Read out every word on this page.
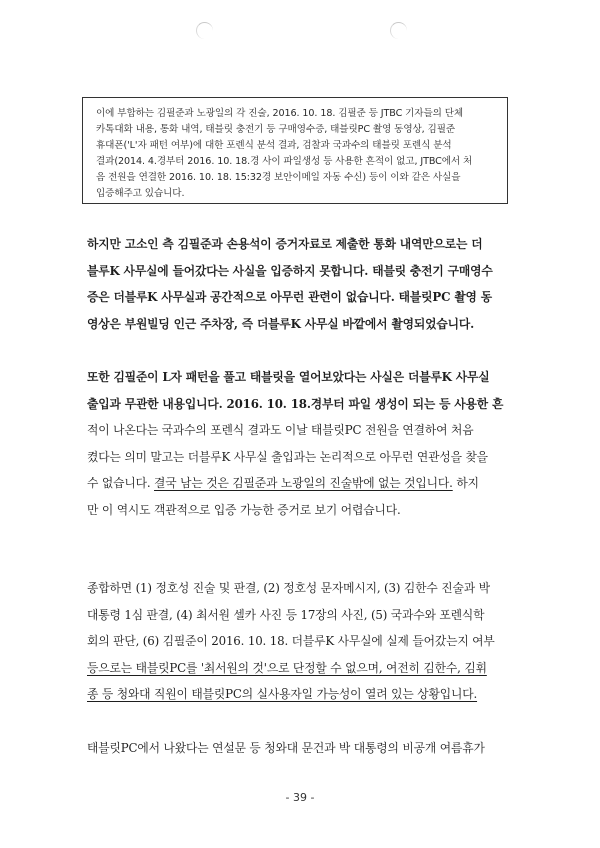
이에 부합하는 김필준과 노광일의 각 진술, 2016. 10. 18. 김필준 등 JTBC 기자들의 단체

카톡대화 내용, 통화 내역, 태블릿 충전기 등 구매영수증, 태블릿PC 촬영 동영상, 김필준

휴대폰('L'자 패턴 여부)에 대한 포렌식 분석 결과, 검찰과 국과수의 태블릿 포렌식 분석

결과(2014. 4.경부터 2016. 10. 18.경 사이 파일생성 등 사용한 흔적이 없고, JTBC에서 처

음 전원을 연결한 2016. 10. 18. 15:32경 보안이메일 자동 수신) 등이 이와 같은 사실을

입증해주고 있습니다.

하지만 고소인 측 김필준과 손용석이 증거자료로 제출한 통화 내역만으로는 더
블루K 사무실에 들어갔다는 사실을 입증하지 못합니다. 태블릿 충전기 구매영수
증은 더블루K 사무실과 공간적으로 아무런 관련이 없습니다. 태블릿PC 촬영 동
영상은 부원빌딩 인근 주차장, 즉 더블루K 사무실 바깥에서 촬영되었습니다.
또한 김필준이 L자 패턴을 풀고 태블릿을 열어보았다는 사실은 더블루K 사무실
출입과 무관한 내용입니다. 2016. 10. 18.경부터 파일 생성이 되는 등 사용한 흔
적이 나온다는 국과수의 포렌식 결과도 이날 태블릿PC 전원을 연결하여 처음
켰다는 의미 말고는 더블루K 사무실 출입과는 논리적으로 아무런 연관성을 찾을
수 없습니다. 결국 남는 것은 김필준과 노광일의 진술밖에 없는 것입니다. 하지
만 이 역시도 객관적으로 입증 가능한 증거로 보기 어렵습니다.
종합하면 (1) 정호성 진술 및 판결, (2) 정호성 문자메시지, (3) 김한수 진술과 박
대통령 1심 판결, (4) 최서원 셀카 사진 등 17장의 사진, (5) 국과수와 포렌식학
회의 판단, (6) 김필준이 2016. 10. 18. 더블루K 사무실에 실제 들어갔는지 여부
등으로는 태블릿PC를 '최서원의 것'으로 단정할 수 없으며, 여전히 김한수, 김휘
종 등 청와대 직원이 태블릿PC의 실사용자일 가능성이 열려 있는 상황입니다.
태블릿PC에서 나왔다는 연설문 등 청와대 문건과 박 대통령의 비공개 여름휴가
- 39 -
